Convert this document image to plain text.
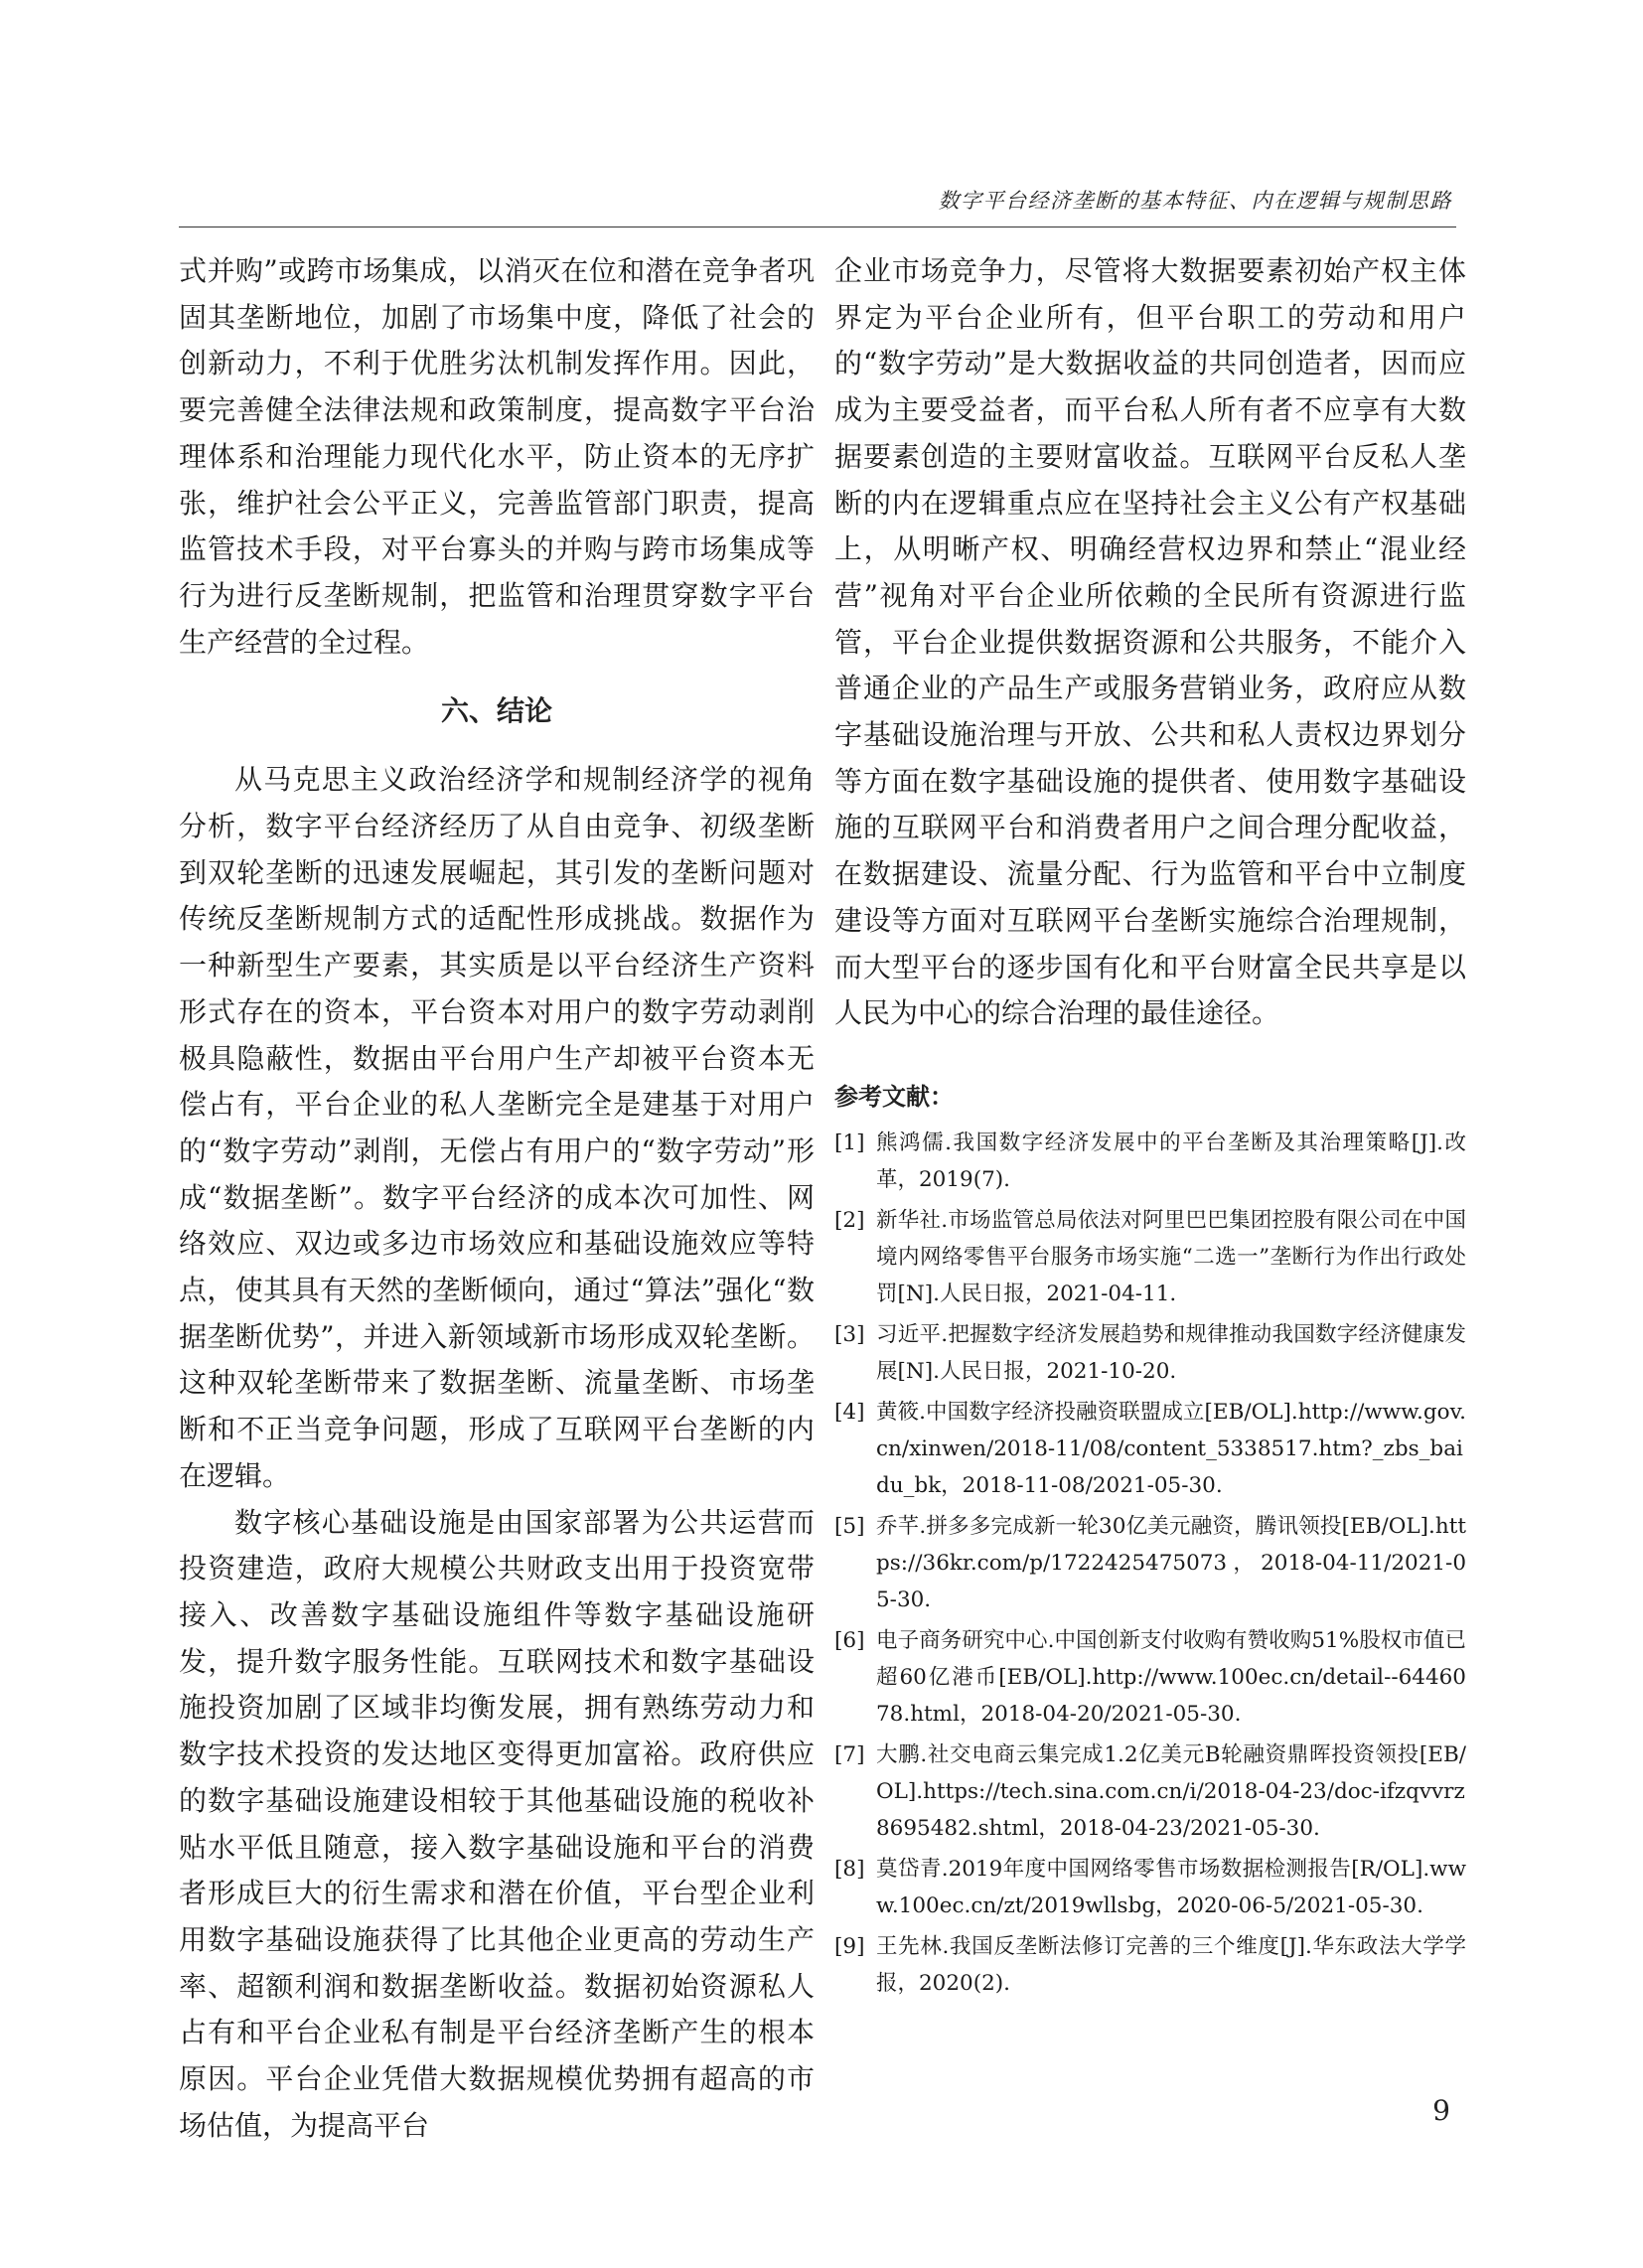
数字平台经济垄断的基本特征、内在逻辑与规制思路

式并购”或跨市场集成，以消灭在位和潜在竞争者巩固其垄断地位，加剧了市场集中度，降低了社会的创新动力，不利于优胜劣汰机制发挥作用。因此，要完善健全法律法规和政策制度，提高数字平台治理体系和治理能力现代化水平，防止资本的无序扩张，维护社会公平正义，完善监管部门职责，提高监管技术手段，对平台寡头的并购与跨市场集成等行为进行反垄断规制，把监管和治理贯穿数字平台生产经营的全过程。

六、结论

从马克思主义政治经济学和规制经济学的视角分析，数字平台经济经历了从自由竞争、初级垄断到双轮垄断的迅速发展崛起，其引发的垄断问题对传统反垄断规制方式的适配性形成挑战。数据作为一种新型生产要素，其实质是以平台经济生产资料形式存在的资本，平台资本对用户的数字劳动剥削极具隐蔽性，数据由平台用户生产却被平台资本无偿占有，平台企业的私人垄断完全是建基于对用户的“数字劳动”剥削，无偿占有用户的“数字劳动”形成“数据垄断”。数字平台经济的成本次可加性、网络效应、双边或多边市场效应和基础设施效应等特点，使其具有天然的垄断倾向，通过“算法”强化“数据垄断优势”，并进入新领域新市场形成双轮垄断。这种双轮垄断带来了数据垄断、流量垄断、市场垄断和不正当竞争问题，形成了互联网平台垄断的内在逻辑。

数字核心基础设施是由国家部署为公共运营而投资建造，政府大规模公共财政支出用于投资宽带接入、改善数字基础设施组件等数字基础设施研发，提升数字服务性能。互联网技术和数字基础设施投资加剧了区域非均衡发展，拥有熟练劳动力和数字技术投资的发达地区变得更加富裕。政府供应的数字基础设施建设相较于其他基础设施的税收补贴水平低且随意，接入数字基础设施和平台的消费者形成巨大的衍生需求和潜在价值，平台型企业利用数字基础设施获得了比其他企业更高的劳动生产率、超额利润和数据垄断收益。数据初始资源私人占有和平台企业私有制是平台经济垄断产生的根本原因。平台企业凭借大数据规模优势拥有超高的市场估值，为提高平台

企业市场竞争力，尽管将大数据要素初始产权主体界定为平台企业所有，但平台职工的劳动和用户的“数字劳动”是大数据收益的共同创造者，因而应成为主要受益者，而平台私人所有者不应享有大数据要素创造的主要财富收益。互联网平台反私人垄断的内在逻辑重点应在坚持社会主义公有产权基础上，从明晰产权、明确经营权边界和禁止“混业经营”视角对平台企业所依赖的全民所有资源进行监管，平台企业提供数据资源和公共服务，不能介入普通企业的产品生产或服务营销业务，政府应从数字基础设施治理与开放、公共和私人责权边界划分等方面在数字基础设施的提供者、使用数字基础设施的互联网平台和消费者用户之间合理分配收益，在数据建设、流量分配、行为监管和平台中立制度建设等方面对互联网平台垄断实施综合治理规制，而大型平台的逐步国有化和平台财富全民共享是以人民为中心的综合治理的最佳途径。

参考文献：
[1] 熊鸿儒.我国数字经济发展中的平台垄断及其治理策略[J].改革，2019(7).
[2] 新华社.市场监管总局依法对阿里巴巴集团控股有限公司在中国境内网络零售平台服务市场实施“二选一”垄断行为作出行政处罚[N].人民日报，2021-04-11.
[3] 习近平.把握数字经济发展趋势和规律推动我国数字经济健康发展[N].人民日报，2021-10-20.
[4] 黄筱.中国数字经济投融资联盟成立[EB/OL].http://www.gov.cn/xinwen/2018-11/08/content_5338517.htm?_zbs_baidu_bk，2018-11-08/2021-05-30.
[5] 乔芊.拼多多完成新一轮30亿美元融资，腾讯领投[EB/OL].https://36kr.com/p/1722425475073，2018-04-11/2021-05-30.
[6] 电子商务研究中心.中国创新支付收购有赞收购51%股权市值已超60亿港币[EB/OL].http://www.100ec.cn/detail--6446078.html，2018-04-20/2021-05-30.
[7] 大鹏.社交电商云集完成1.2亿美元B轮融资鼎晖投资领投[EB/OL].https://tech.sina.com.cn/i/2018-04-23/doc-ifzqvvrz8695482.shtml，2018-04-23/2021-05-30.
[8] 莫岱青.2019年度中国网络零售市场数据检测报告[R/OL].www.100ec.cn/zt/2019wllsbg，2020-06-5/2021-05-30.
[9] 王先林.我国反垄断法修订完善的三个维度[J].华东政法大学学报，2020(2).
9
